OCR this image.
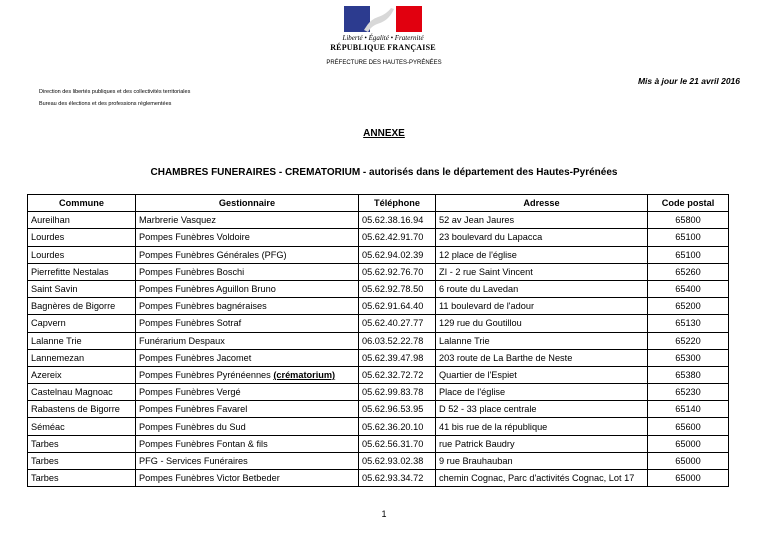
Liberté • Égalité • Fraternité
RÉPUBLIQUE FRANÇAISE
PRÉFECTURE DES HAUTES-PYRÉNÉES
Mis à jour le 21 avril 2016
Direction des libertés publiques et des collectivités territoriales
Bureau des élections et des professions réglementées
ANNEXE
CHAMBRES FUNERAIRES - CREMATORIUM - autorisés dans le département des Hautes-Pyrénées
Commune	Gestionnaire	Téléphone	Adresse	Code postal
Aureilhan	Marbrerie Vasquez	05.62.38.16.94	52 av Jean Jaures	65800
Lourdes	Pompes Funèbres Voldoire	05.62.42.91.70	23 boulevard du Lapacca	65100
Lourdes	Pompes Funèbres Générales (PFG)	05.62.94.02.39	12 place de l'église	65100
Pierrefitte Nestalas	Pompes Funèbres Boschi	05.62.92.76.70	ZI - 2 rue Saint Vincent	65260
Saint Savin	Pompes Funèbres Aguillon Bruno	05.62.92.78.50	6 route du Lavedan	65400
Bagnères de Bigorre	Pompes Funèbres bagnéraises	05.62.91.64.40	11 boulevard de l'adour	65200
Capvern	Pompes Funèbres Sotraf	05.62.40.27.77	129 rue du Goutillou	65130
Lalanne Trie	Funérarium Despaux	06.03.52.22.78	Lalanne Trie	65220
Lannemezan	Pompes Funèbres Jacomet	05.62.39.47.98	203 route de La Barthe de Neste	65300
Azereix	Pompes Funèbres Pyrénéennes (crématorium)	05.62.32.72.72	Quartier de l'Espiet	65380
Castelnau Magnoac	Pompes Funèbres Vergé	05.62.99.83.78	Place de l'église	65230
Rabastens de Bigorre	Pompes Funèbres Favarel	05.62.96.53.95	D 52 - 33 place centrale	65140
Séméac	Pompes Funèbres du Sud	05.62.36.20.10	41 bis rue de la république	65600
Tarbes	Pompes Funèbres Fontan & fils	05.62.56.31.70	rue Patrick Baudry	65000
Tarbes	PFG - Services Funéraires	05.62.93.02.38	9 rue Brauhauban	65000
Tarbes	Pompes Funèbres Victor Betbeder	05.62.93.34.72	chemin Cognac, Parc d'activités Cognac, Lot 17	65000
1
